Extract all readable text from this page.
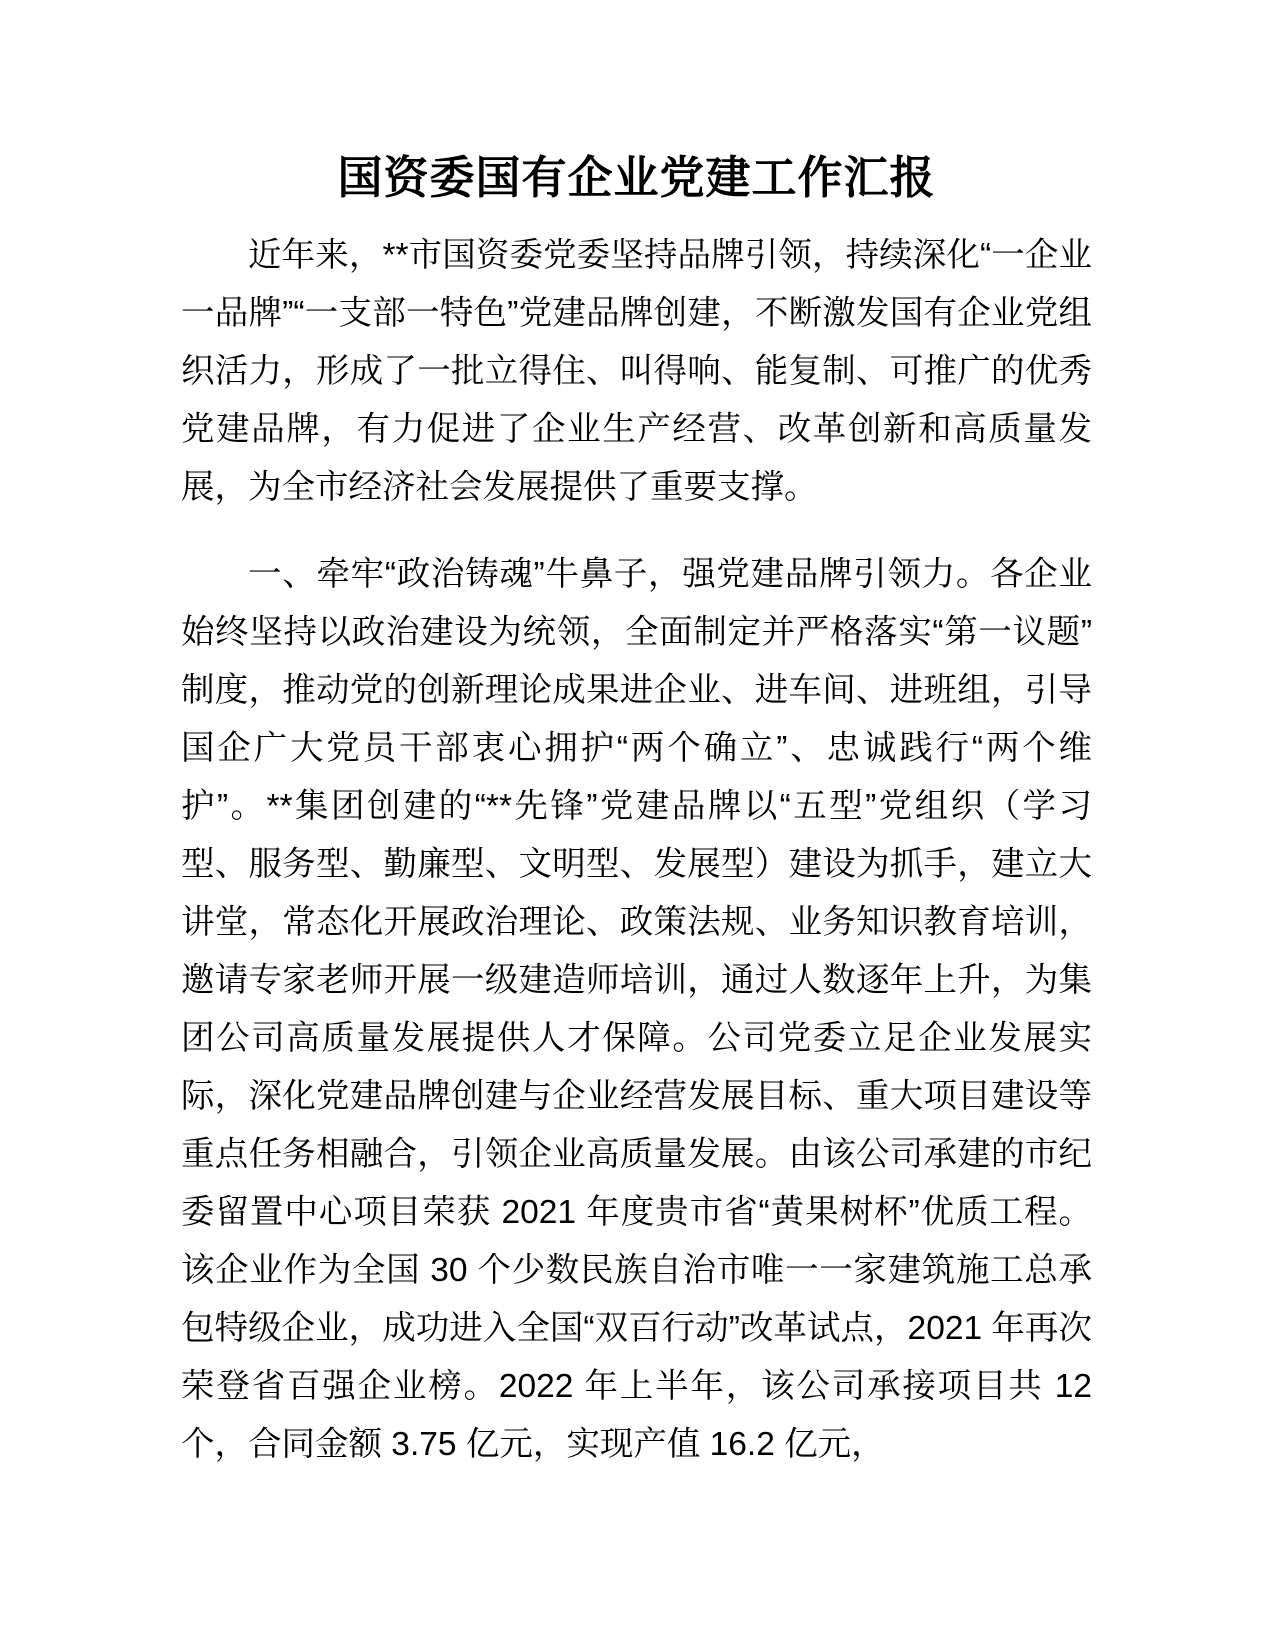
国资委国有企业党建工作汇报

近年来，**市国资委党委坚持品牌引领，持续深化“一企业一品牌”“一支部一特色”党建品牌创建，不断激发国有企业党组织活力，形成了一批立得住、叫得响、能复制、可推广的优秀党建品牌，有力促进了企业生产经营、改革创新和高质量发展，为全市经济社会发展提供了重要支撑。

一、牵牢“政治铸魂”牛鼻子，强党建品牌引领力。各企业始终坚持以政治建设为统领，全面制定并严格落实“第一议题”制度，推动党的创新理论成果进企业、进车间、进班组，引导国企广大党员干部衷心拥护“两个确立”、忠诚践行“两个维护”。**集团创建的“**先锋”党建品牌以“五型”党组织（学习型、服务型、勤廉型、文明型、发展型）建设为抓手，建立大讲堂，常态化开展政治理论、政策法规、业务知识教育培训，邀请专家老师开展一级建造师培训，通过人数逐年上升，为集团公司高质量发展提供人才保障。公司党委立足企业发展实际，深化党建品牌创建与企业经营发展目标、重大项目建设等重点任务相融合，引领企业高质量发展。由该公司承建的市纪委留置中心项目荣获 2021 年度贵市省“黄果树杯”优质工程。该企业作为全国 30 个少数民族自治市唯一一家建筑施工总承包特级企业，成功进入全国“双百行动”改革试点，2021 年再次荣登省百强企业榜。2022 年上半年，该公司承接项目共 12 个，合同金额 3.75 亿元，实现产值 16.2 亿元，
